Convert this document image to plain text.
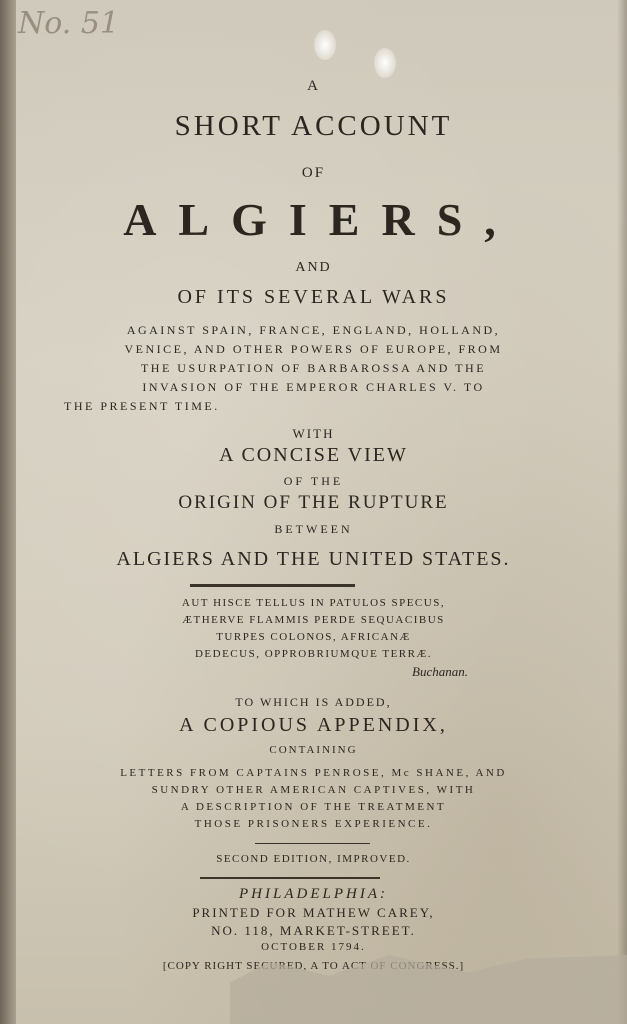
No. 51
A
SHORT ACCOUNT
OF
ALGIERS,
AND
OF ITS SEVERAL WARS
AGAINST SPAIN, FRANCE, ENGLAND, HOLLAND,
VENICE, AND OTHER POWERS OF EUROPE, FROM
THE USURPATION OF BARBAROSSA AND THE
INVASION OF THE EMPEROR CHARLES V. TO
THE PRESENT TIME.
WITH
A CONCISE VIEW
OF THE
ORIGIN OF THE RUPTURE
BETWEEN
ALGIERS AND THE UNITED STATES.
AUT HISCE TELLUS IN PATULOS SPECUS,
ÆTHERVE FLAMMIS PERDE SEQUACIBUS
TURPES COLONOS, AFRICANÆ
DEDECUS, OPPROBRIUMQUE TERRÆ.
Buchanan.
TO WHICH IS ADDED,
A COPIOUS APPENDIX,
CONTAINING
LETTERS FROM CAPTAINS PENROSE, Mc SHANE, AND
SUNDRY OTHER AMERICAN CAPTIVES, WITH
A DESCRIPTION OF THE TREATMENT
THOSE PRISONERS EXPERIENCE.
SECOND EDITION, IMPROVED.
PHILADELPHIA:
PRINTED FOR MATHEW CAREY,
NO. 118, MARKET-STREET.
OCTOBER 1794.
[COPY RIGHT SECURED, A TO ACT OF CONGRESS.]
